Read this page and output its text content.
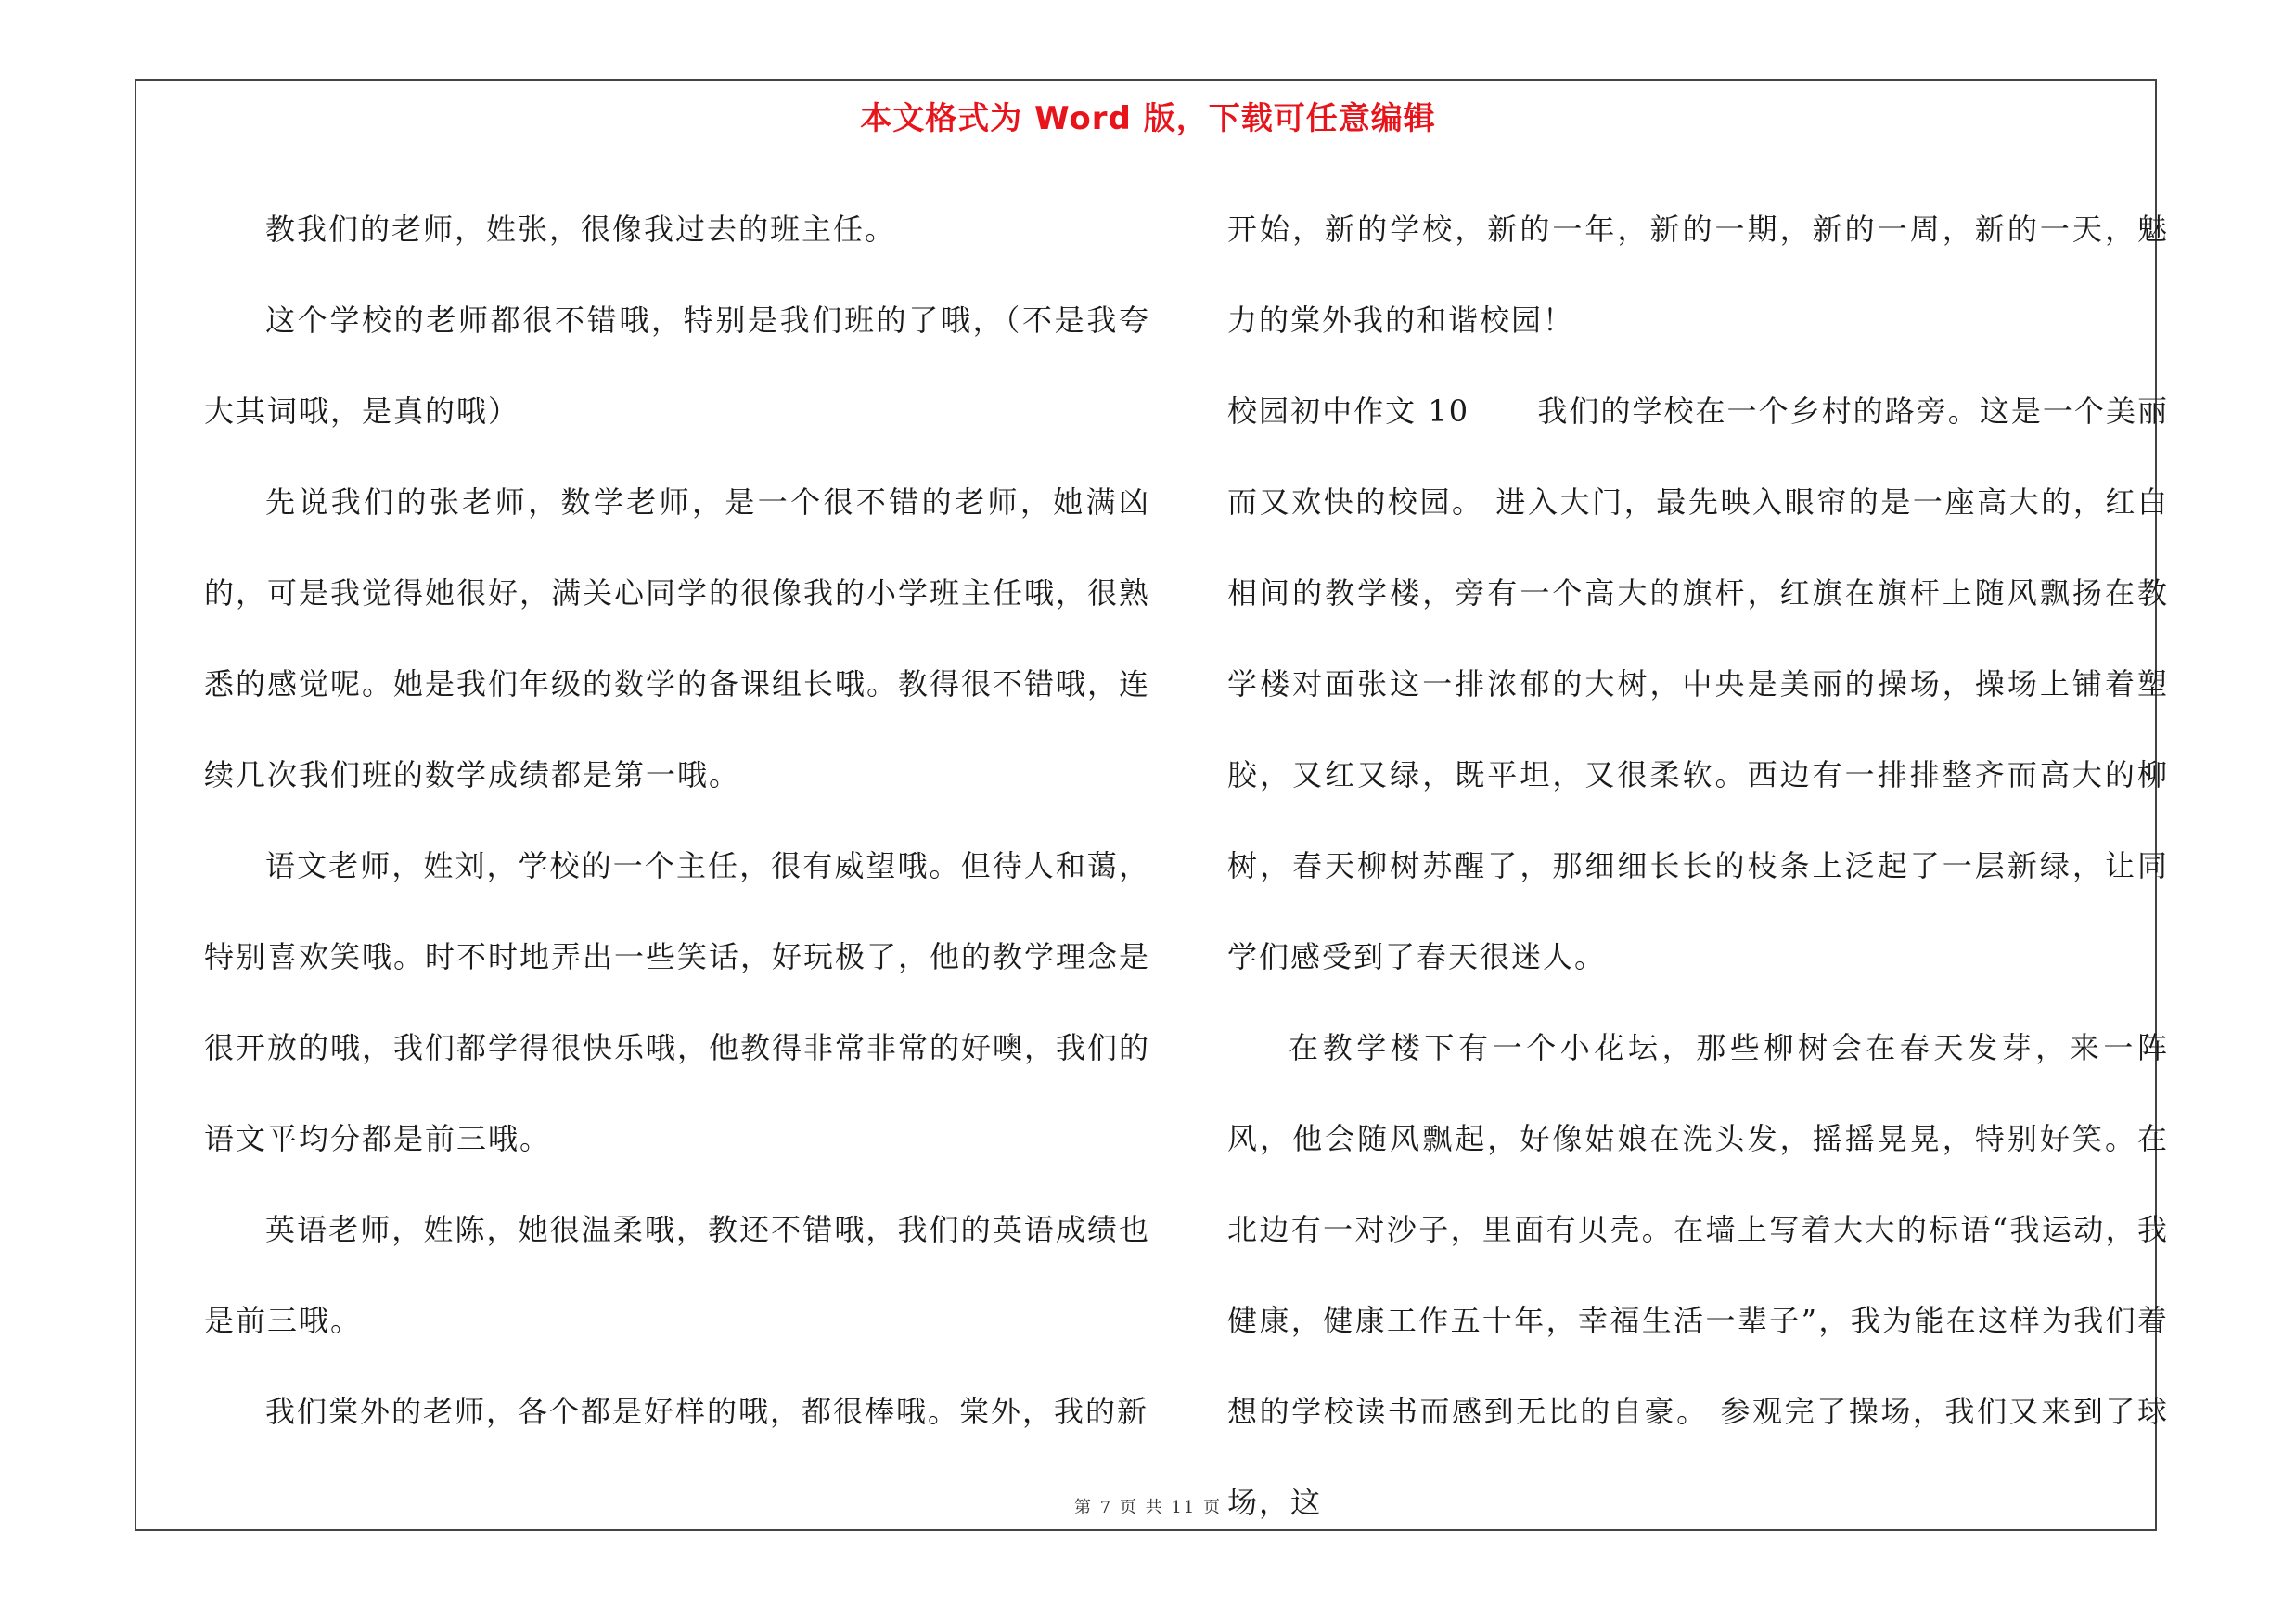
本文格式为 Word 版，下载可任意编辑

教我们的老师，姓张，很像我过去的班主任。

这个学校的老师都很不错哦，特别是我们班的了哦，（不是我夸大其词哦，是真的哦）

先说我们的张老师，数学老师，是一个很不错的老师，她满凶的，可是我觉得她很好，满关心同学的很像我的小学班主任哦，很熟悉的感觉呢。她是我们年级的数学的备课组长哦。教得很不错哦，连续几次我们班的数学成绩都是第一哦。

语文老师，姓刘，学校的一个主任，很有威望哦。但待人和蔼，特别喜欢笑哦。时不时地弄出一些笑话，好玩极了，他的教学理念是很开放的哦，我们都学得很快乐哦，他教得非常非常的好噢，我们的语文平均分都是前三哦。

英语老师，姓陈，她很温柔哦，教还不错哦，我们的英语成绩也是前三哦。

我们棠外的老师，各个都是好样的哦，都很棒哦。棠外，我的新

开始，新的学校，新的一年，新的一期，新的一周，新的一天，魅力的棠外我的和谐校园！

校园初中作文 10      我们的学校在一个乡村的路旁。这是一个美丽而又欢快的校园。 进入大门，最先映入眼帘的是一座高大的，红白相间的教学楼，旁有一个高大的旗杆，红旗在旗杆上随风飘扬在教学楼对面张这一排浓郁的大树，中央是美丽的操场，操场上铺着塑胶，又红又绿，既平坦，又很柔软。西边有一排排整齐而高大的柳树，春天柳树苏醒了，那细细长长的枝条上泛起了一层新绿，让同学们感受到了春天很迷人。

在教学楼下有一个小花坛，那些柳树会在春天发芽，来一阵风，他会随风飘起，好像姑娘在洗头发，摇摇晃晃，特别好笑。在北边有一对沙子，里面有贝壳。在墙上写着大大的标语“我运动，我健康，健康工作五十年，幸福生活一辈子”，我为能在这样为我们着想的学校读书而感到无比的自豪。 参观完了操场，我们又来到了球场，这

第 7 页 共 11 页
